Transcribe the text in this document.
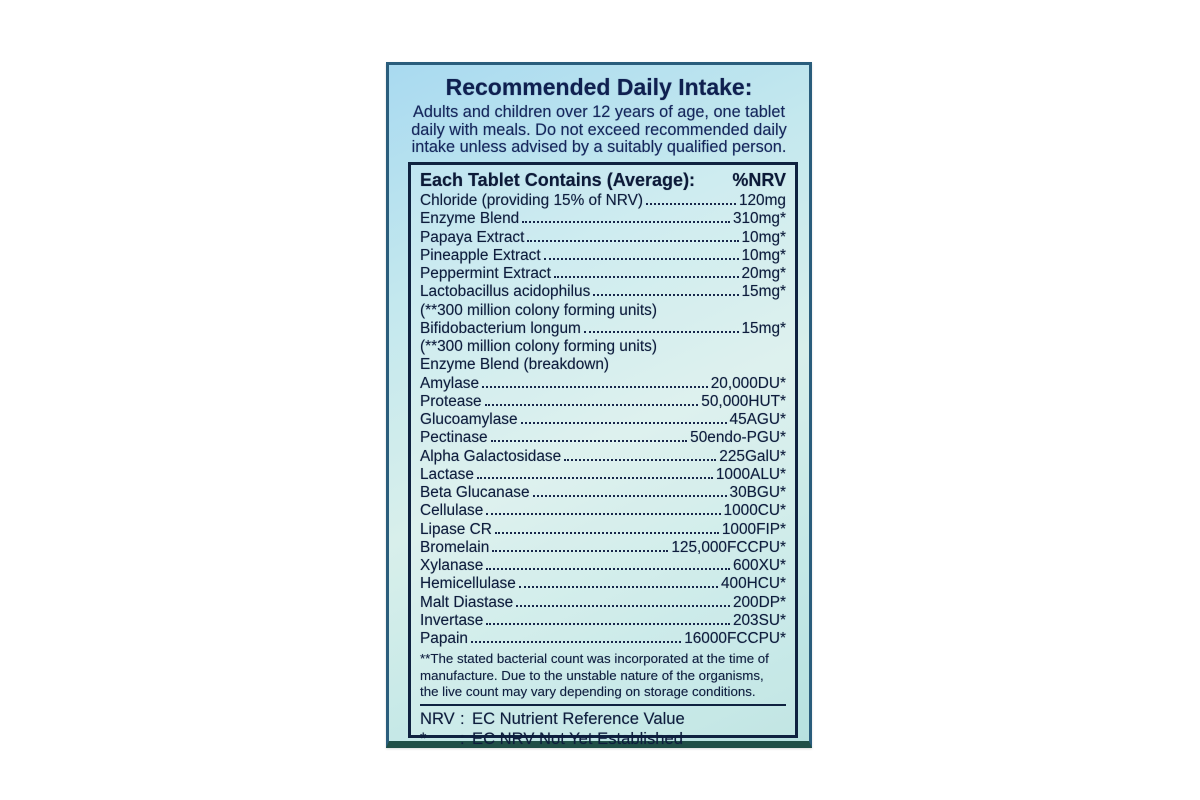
Recommended Daily Intake:
Adults and children over 12 years of age, one tablet
daily with meals. Do not exceed recommended daily
intake unless advised by a suitably qualified person.
Each Tablet Contains (Average): %NRV
Chloride (providing 15% of NRV)	120mg
Enzyme Blend	310mg*
Papaya Extract	10mg*
Pineapple Extract	10mg*
Peppermint Extract	20mg*
Lactobacillus acidophilus	15mg*
(**300 million colony forming units)
Bifidobacterium longum	15mg*
(**300 million colony forming units)
Enzyme Blend (breakdown)
Amylase	20,000DU*
Protease	50,000HUT*
Glucoamylase	45AGU*
Pectinase	50endo-PGU*
Alpha Galactosidase	225GalU*
Lactase	1000ALU*
Beta Glucanase	30BGU*
Cellulase	1000CU*
Lipase CR	1000FIP*
Bromelain	125,000FCCPU*
Xylanase	600XU*
Hemicellulase	400HCU*
Malt Diastase	200DP*
Invertase	203SU*
Papain	16000FCCPU*
**The stated bacterial count was incorporated at the time of
manufacture. Due to the unstable nature of the organisms,
the live count may vary depending on storage conditions.
NRV : EC Nutrient Reference Value
*	: EC NRV Not Yet Established
